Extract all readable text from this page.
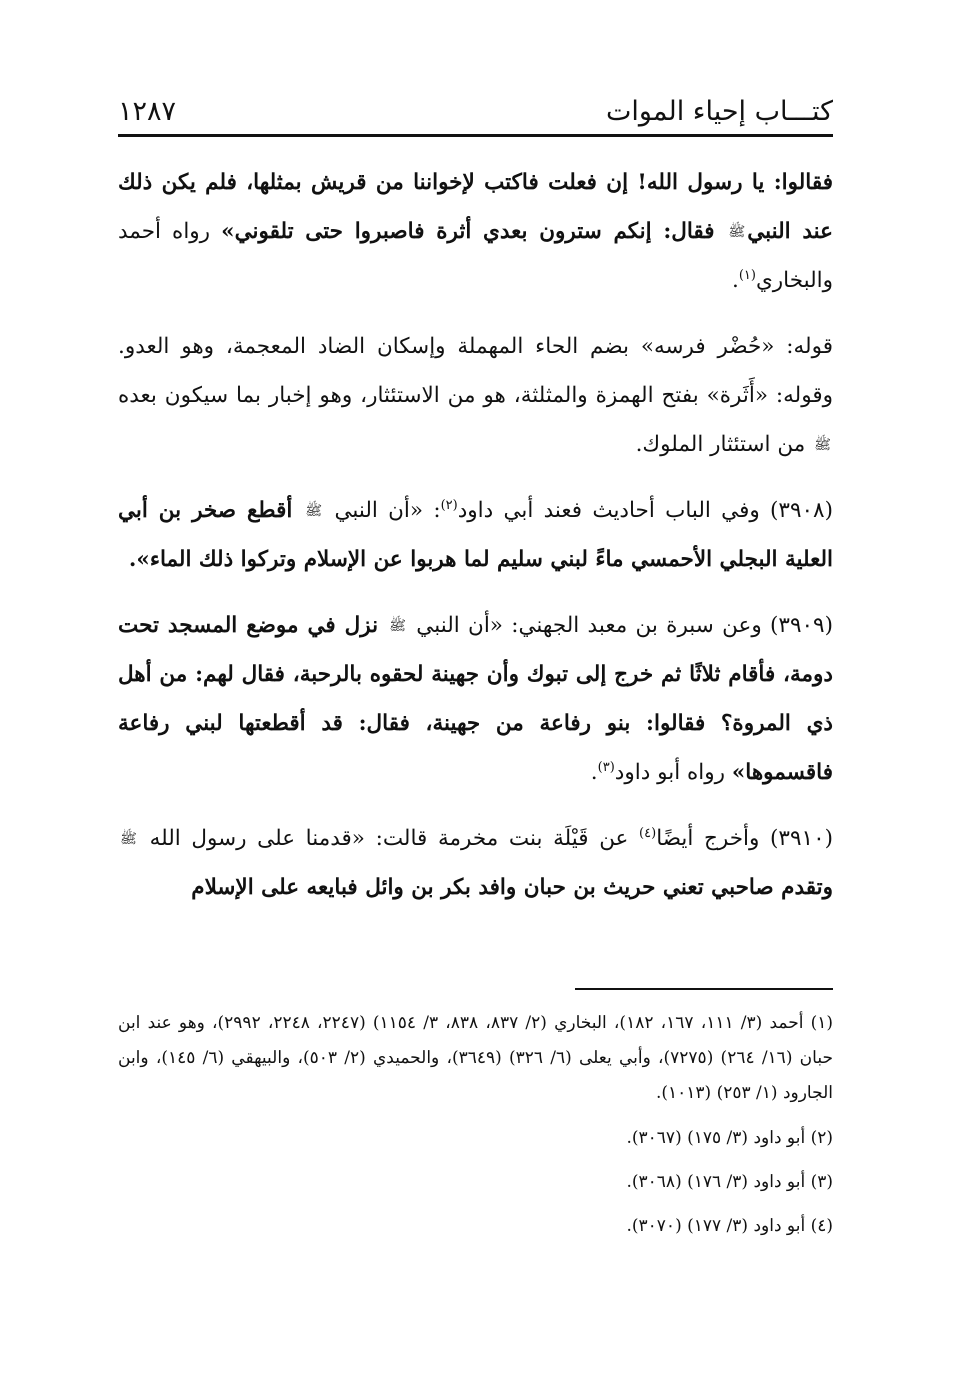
كتـــاب إحياء الموات
١٢٨٧

فقالوا: يا رسول الله! إن فعلت فاكتب لإخواننا من قريش بمثلها، فلم يكن ذلك عند النبيﷺ فقال: إنكم سترون بعدي أثرة فاصبروا حتى تلقوني» رواه أحمد والبخاري$^{(١)}$.

قوله: «حُضْر فرسه» بضم الحاء المهملة وإسكان الضاد المعجمة، وهو العدو. وقوله: «أَثَرة» بفتح الهمزة والمثلثة، هو من الاستئثار، وهو إخبار بما سيكون بعدهﷺ من استئثار الملوك.

(٣٩٠٨) وفي الباب أحاديث فعند أبي داود$^{(٢)}$: «أن النبي ﷺ أقطع صخر بن أبي العلية البجلي الأحمسي ماءً لبني سليم لما هربوا عن الإسلام وتركوا ذلك الماء».

(٣٩٠٩) وعن سبرة بن معبد الجهني: «أن النبي ﷺ نزل في موضع المسجد تحت دومة، فأقام ثلاثًا ثم خرج إلى تبوك وأن جهينة لحقوه بالرحبة، فقال لهم: من أهل ذي المروة؟ فقالوا: بنو رفاعة من جهينة، فقال: قد أقطعتها لبني رفاعة فاقسموها» رواه أبو داود$^{(٣)}$.

(٣٩١٠) وأخرج أيضًا$^{(٤)}$ عن قَيْلَة بنت مخرمة قالت: «قدمنا على رسول الله ﷺ وتقدم صاحبي تعني حريث بن حبان وافد بكر بن وائل فبايعه على الإسلام

(١) أحمد (٣/ ١١١، ١٦٧، ١٨٢)، البخاري (٢/ ٨٣٧، ٨٣٨، ٣/ ١١٥٤) (٢٢٤٧، ٢٢٤٨، ٢٩٩٢)، وهو عند ابن حبان (١٦/ ٢٦٤) (٧٢٧٥)، وأبي يعلى (٦/ ٣٢٦) (٣٦٤٩)، والحميدي (٢/ ٥٠٣)، والبيهقي (٦/ ١٤٥)، وابن الجارود (١/ ٢٥٣) (١٠١٣).

(٢) أبو داود (٣/ ١٧٥) (٣٠٦٧).

(٣) أبو داود (٣/ ١٧٦) (٣٠٦٨).

(٤) أبو داود (٣/ ١٧٧) (٣٠٧٠).
